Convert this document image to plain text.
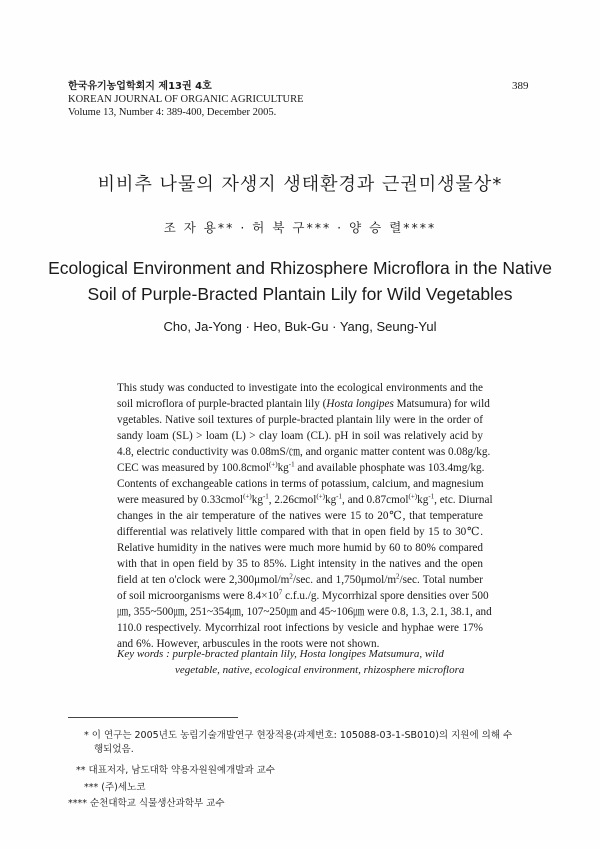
한국유기농업학회지 제13권 4호
KOREAN JOURNAL OF ORGANIC AGRICULTURE
Volume 13, Number 4: 389-400, December 2005.
389
비비추 나물의 자생지 생태환경과 근권미생물상*
조 자 용** · 허 북 구*** · 양 승 렬****
Ecological Environment and Rhizosphere Microflora in the Native
Soil of Purple-Bracted Plantain Lily for Wild Vegetables
Cho, Ja-Yong · Heo, Buk-Gu · Yang, Seung-Yul
This study was conducted to investigate into the ecological environments and the
soil microflora of purple-bracted plantain lily (Hosta longipes Matsumura) for wild
vgetables. Native soil textures of purple-bracted plantain lily were in the order of
sandy loam (SL) > loam (L) > clay loam (CL). pH in soil was relatively acid by
4.8, electric conductivity was 0.08mS/㎝, and organic matter content was 0.08g/kg.
CEC was measured by $100.8cmol^{(+)}kg^{-1}$ and available phosphate was 103.4mg/kg.
Contents of exchangeable cations in terms of potassium, calcium, and magnesium
were measured by $0.33cmol^{(+)}kg^{-1}$, $2.26cmol^{(+)}kg^{-1}$, and $0.87cmol^{(+)}kg^{-1}$, etc. Diurnal
changes in the air temperature of the natives were 15 to 20℃, that temperature
differential was relatively little compared with that in open field by 15 to 30℃.
Relative humidity in the natives were much more humid by 60 to 80% compared
with that in open field by 35 to 85%. Light intensity in the natives and the open
field at ten o'clock were $2,300\mu mol/m^2/\sec$. and $1,750\mu mol/m^2/\sec$. Total number
of soil microorganisms were $8.4\times 10^7$ c.f.u./g. Mycorrhizal spore densities over 500
㎛, 355~500㎛, 251~354㎛, 107~250㎛ and 45~106㎛ were 0.8, 1.3, 2.1, 38.1, and
110.0 respectively. Mycorrhizal root infections by vesicle and hyphae were 17%
and 6%. However, arbuscules in the roots were not shown.
Key words : purple-bracted plantain lily, Hosta longipes Matsumura, wild
vegetable, native, ecological environment, rhizosphere microflora
* 이 연구는 2005년도 농림기술개발연구 현장적용(과제번호: 105088-03-1-SB010)의 지원에 의해 수
행되었음.
** 대표저자, 남도대학 약용자원원예개발과 교수
*** (주)세노코
**** 순천대학교 식물생산과학부 교수
